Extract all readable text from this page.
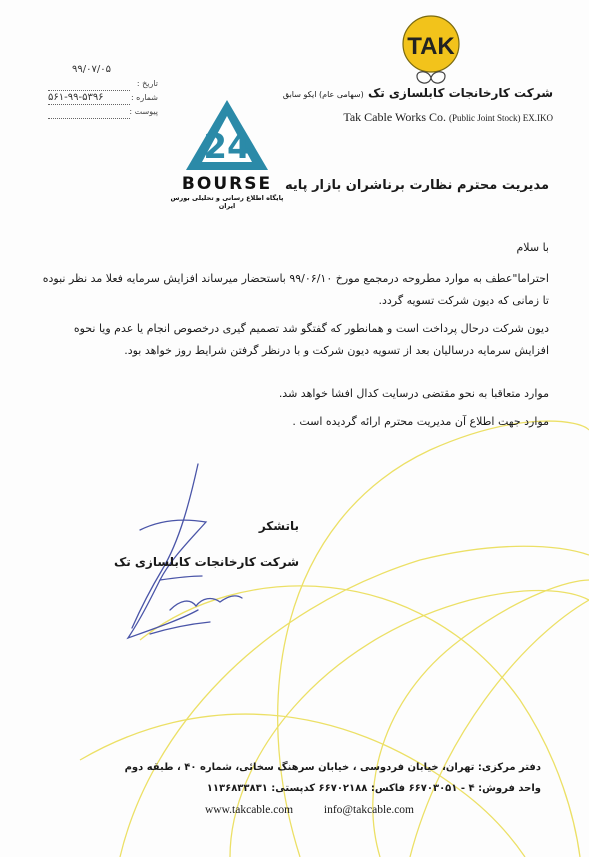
TAK
شرکت کارخانجات کابلسازی تک (سهامی عام) ایکو سابق
Tak Cable Works Co. (Public Joint Stock) EX.IKO
۹۹/۰۷/۰۵
تاریخ :
۵۶۱-۹۹-۵۳۹۶	شماره :
پیوست :
24
BOURSE
پایگاه اطلاع رسانی و تحلیلی بورس ایران
مدیریت محترم نظارت برناشران بازار پایه
با سلام
احتراما"عطف به موارد مطروحه درمجمع مورخ ۹۹/۰۶/۱۰ باستحضار میرساند افزایش سرمایه فعلا مد نظر نبوده تا زمانی که دیون شرکت تسویه گردد.
دیون شرکت درحال پرداخت است و همانطور که گفتگو شد تصمیم گیری درخصوص انجام یا عدم ویا نحوه افزایش سرمایه درسالیان بعد از تسویه دیون شرکت و با درنظر گرفتن شرایط روز خواهد بود.
موارد متعاقبا به نحو مقتضی درسایت کدال افشا خواهد شد.
موارد جهت اطلاع آن مدیریت محترم ارائه گردیده است .
باتشکر
شرکت کارخانجات کابلسازی تک
دفتر مرکزی: تهران، خیابان فردوسی ، خیابان سرهنگ سخائی، شماره ۴۰ ، طبقه دوم
واحد فروش: ۴ - ۶۶۷۰۳۰۵۱ فاکس: ۶۶۷۰۲۱۸۸ کدپستی: ۱۱۳۶۸۳۳۸۳۱
www.takcable.com	info@takcable.com
